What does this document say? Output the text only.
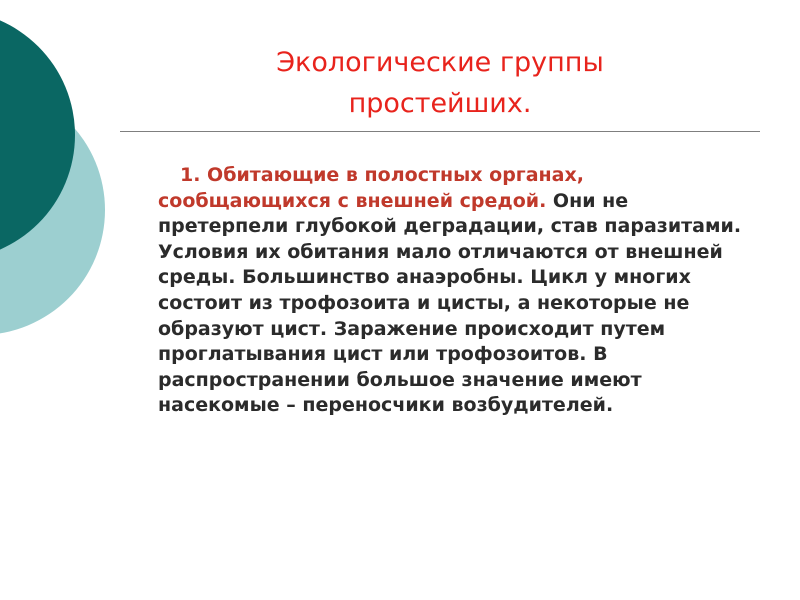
Экологические группы
простейших.

1. Обитающие в полостных органах, сообщающихся с внешней средой. Они не претерпели глубокой деградации, став паразитами. Условия их обитания мало отличаются от внешней среды. Большинство анаэробны. Цикл у многих состоит из трофозоита и цисты, а некоторые не образуют цист. Заражение происходит путем проглатывания цист или трофозоитов. В распространении большое значение имеют насекомые – переносчики возбудителей.
